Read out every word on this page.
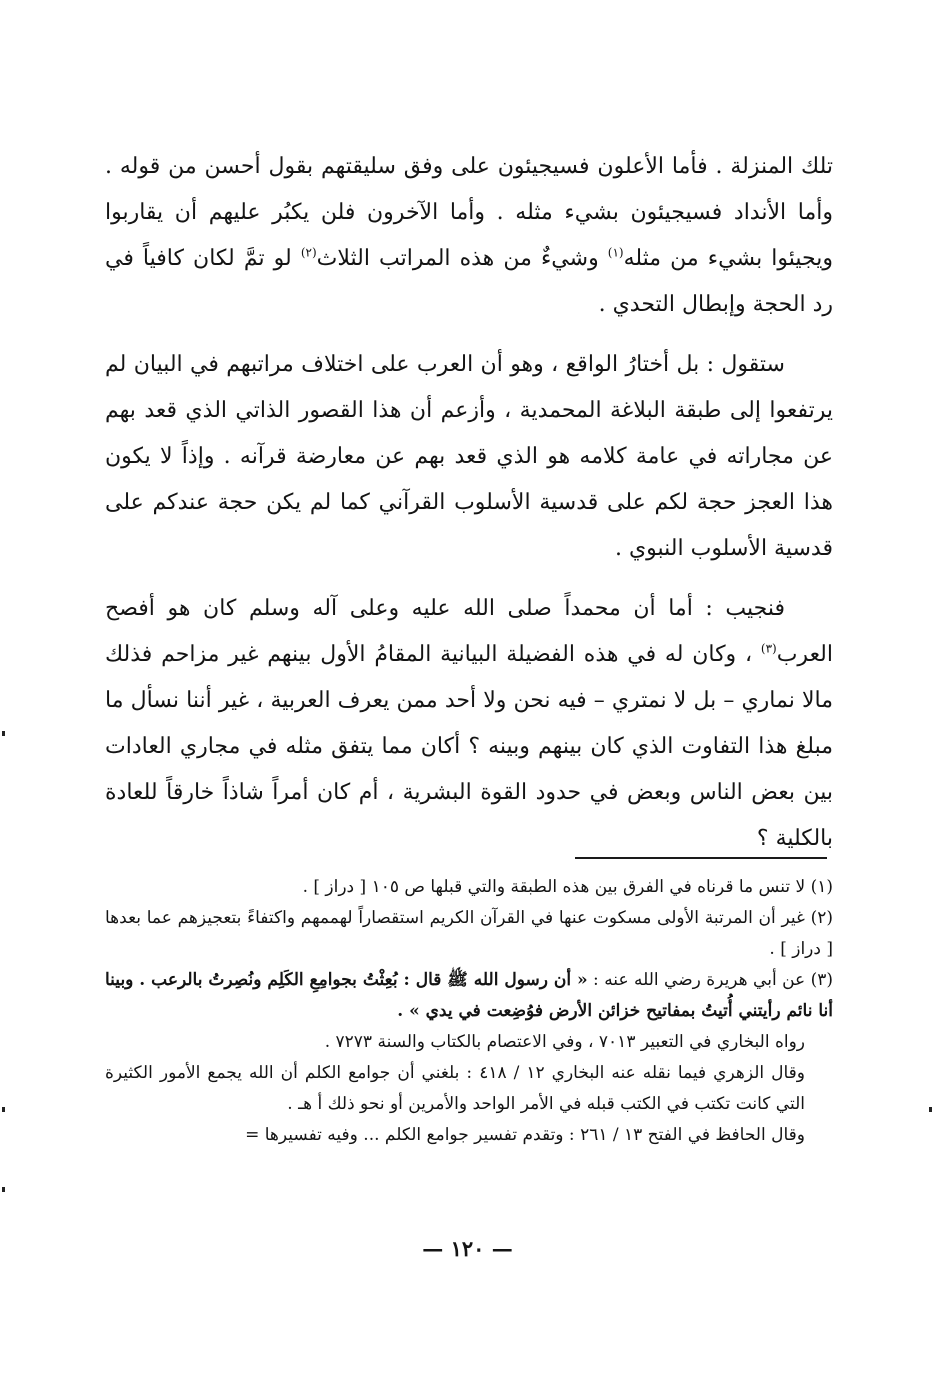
تلك المنزلة . فأما الأعلون فسيجيئون على وفق سليقتهم بقول أحسن من قوله . وأما الأنداد فسيجيئون بشيء مثله . وأما الآخرون فلن يكبُر عليهم أن يقاربوا ويجيئوا بشيء من مثله$^{(١)}$ وشيءٌ من هذه المراتب الثلاث$^{(٢)}$ لو تمَّ لكان كافياً في رد الحجة وإبطال التحدي .

ستقول : بل أختارُ الواقع ، وهو أن العرب على اختلاف مراتبهم في البيان لم يرتفعوا إلى طبقة البلاغة المحمدية ، وأزعم أن هذا القصور الذاتي الذي قعد بهم عن مجاراته في عامة كلامه هو الذي قعد بهم عن معارضة قرآنه . وإذاً لا يكون هذا العجز حجة لكم على قدسية الأسلوب القرآني كما لم يكن حجة عندكم على قدسية الأسلوب النبوي .

فنجيب : أما أن محمداً صلى الله عليه وعلى آله وسلم كان هو أفصح العرب$^{(٣)}$ ، وكان له في هذه الفضيلة البيانية المقامُ الأول بينهم غير مزاحم فذلك مالا نماري – بل لا نمتري – فيه نحن ولا أحد ممن يعرف العربية ، غير أننا نسأل ما مبلغ هذا التفاوت الذي كان بينهم وبينه ؟ أكان مما يتفق مثله في مجاري العادات بين بعض الناس وبعض في حدود القوة البشرية ، أم كان أمراً شاذاً خارقاً للعادة بالكلية ؟

(١) لا تنس ما قرناه في الفرق بين هذه الطبقة والتي قبلها ص ١٠٥ [ دراز ] .

(٢) غير أن المرتبة الأولى مسكوت عنها في القرآن الكريم استقصاراً لهممهم واكتفاءً بتعجيزهم عما بعدها [ دراز ] .

(٣) عن أبي هريرة رضي الله عنه : « أن رسول الله ﷺ قال : بُعِثْتُ بجوامِعِ الكَلِم ونُصِرتُ بالرعب . وبينا أنا نائم رأيتني أُتيتُ بمفاتيح خزائن الأرض فوُضِعت في يدي » .

رواه البخاري في التعبير ٧٠١٣ ، وفي الاعتصام بالكتاب والسنة ٧٢٧٣ .

وقال الزهري فيما نقله عنه البخاري ١٢ / ٤١٨ : بلغني أن جوامع الكلم أن الله يجمع الأمور الكثيرة التي كانت تكتب في الكتب قبله في الأمر الواحد والأمرين أو نحو ذلك أ هـ .

وقال الحافظ في الفتح ١٣ / ٢٦١ : وتقدم تفسير جوامع الكلم ... وفيه تفسيرها =

— ١٢٠ —
